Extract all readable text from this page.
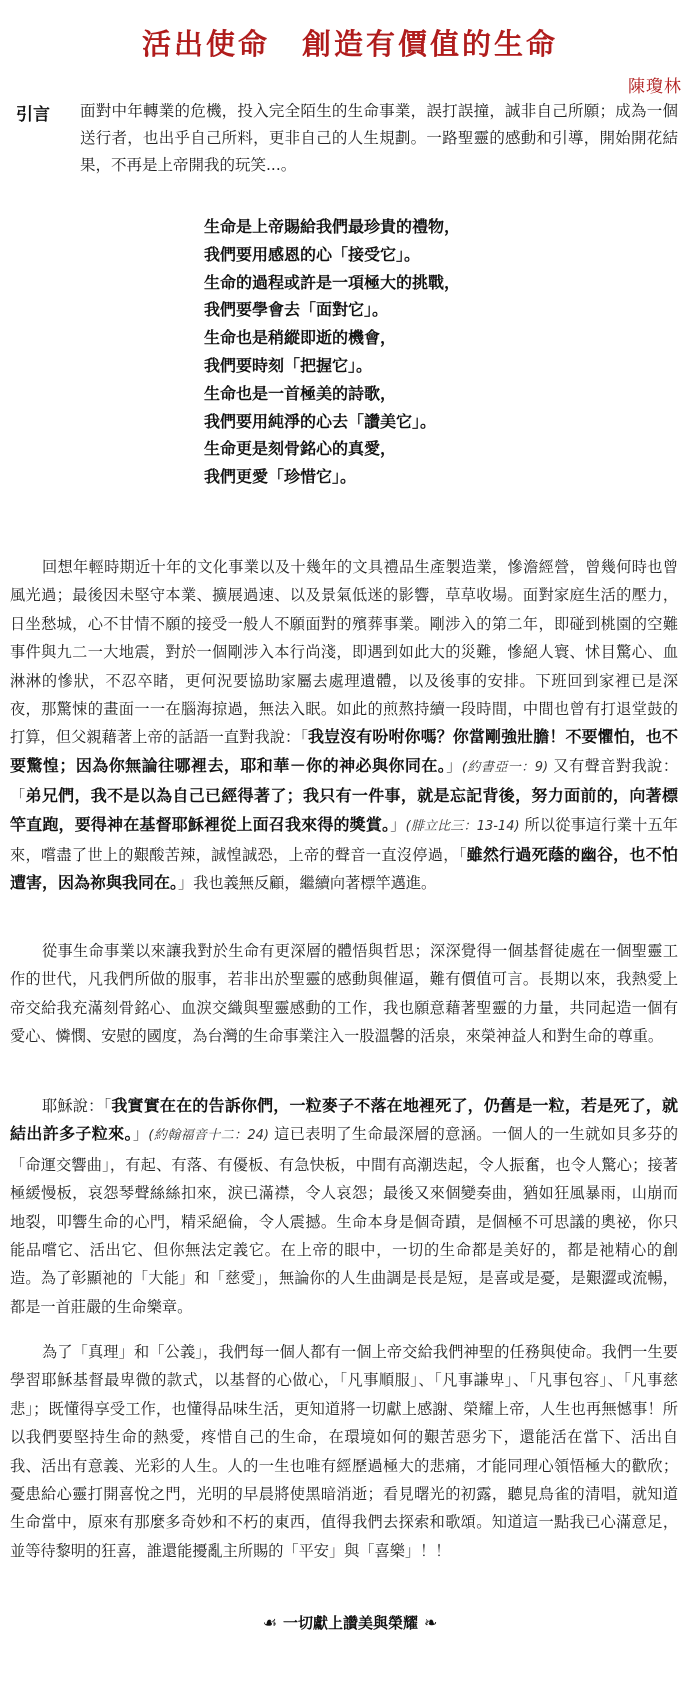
活出使命　創造有價值的生命
陳瓊林
引言 面對中年轉業的危機，投入完全陌生的生命事業，誤打誤撞，誠非自己所願；成為一個送行者，也出乎自己所料，更非自己的人生規劃。一路聖靈的感動和引導，開始開花結果，不再是上帝開我的玩笑...。

生命是上帝賜給我們最珍貴的禮物，
我們要用感恩的心「接受它」。
生命的過程或許是一項極大的挑戰，
我們要學會去「面對它」。
生命也是稍縱即逝的機會，
我們要時刻「把握它」。
生命也是一首極美的詩歌，
我們要用純淨的心去「讚美它」。
生命更是刻骨銘心的真愛，
我們更愛「珍惜它」。

回想年輕時期近十年的文化事業以及十幾年的文具禮品生產製造業，慘澹經營，曾幾何時也曾風光過；最後因未堅守本業、擴展過速、以及景氣低迷的影響，草草收場。面對家庭生活的壓力，日坐愁城，心不甘情不願的接受一般人不願面對的殯葬事業。剛涉入的第二年，即碰到桃園的空難事件與九二一大地震，對於一個剛涉入本行尚淺，即遇到如此大的災難，慘絕人寰、怵目驚心、血淋淋的慘狀，不忍卒睹，更何況要協助家屬去處理遺體，以及後事的安排。下班回到家裡已是深夜，那驚悚的畫面一一在腦海掠過，無法入眠。如此的煎熬持續一段時間，中間也曾有打退堂鼓的打算，但父親藉著上帝的話語一直對我說：「我豈沒有吩咐你嗎？你當剛強壯膽！不要懼怕，也不要驚惶；因為你無論往哪裡去，耶和華－你的神必與你同在。」(約書亞一：9) 又有聲音對我說：「弟兄們，我不是以為自己已經得著了；我只有一件事，就是忘記背後，努力面前的，向著標竿直跑，要得神在基督耶穌裡從上面召我來得的獎賞。」(腓立比三：13-14) 所以從事這行業十五年來，嚐盡了世上的艱酸苦辣，誠惶誠恐，上帝的聲音一直沒停過，「雖然行過死蔭的幽谷，也不怕遭害，因為祢與我同在。」我也義無反顧，繼續向著標竿邁進。

從事生命事業以來讓我對於生命有更深層的體悟與哲思；深深覺得一個基督徒處在一個聖靈工作的世代，凡我們所做的服事，若非出於聖靈的感動與催逼，難有價值可言。長期以來，我熱愛上帝交給我充滿刻骨銘心、血淚交織與聖靈感動的工作，我也願意藉著聖靈的力量，共同起造一個有愛心、憐憫、安慰的國度，為台灣的生命事業注入一股溫馨的活泉，來榮神益人和對生命的尊重。

耶穌說：「我實實在在的告訴你們，一粒麥子不落在地裡死了，仍舊是一粒，若是死了，就結出許多子粒來。」(約翰福音十二：24) 這已表明了生命最深層的意涵。一個人的一生就如貝多芬的「命運交響曲」，有起、有落、有優板、有急快板，中間有高潮迭起，令人振奮，也令人驚心；接著極緩慢板，哀怨琴聲絲絲扣來，淚已滿襟，令人哀怨；最後又來個變奏曲，猶如狂風暴雨，山崩而地裂，叩響生命的心門，精采絕倫，令人震撼。生命本身是個奇蹟，是個極不可思議的奧祕，你只能品嚐它、活出它、但你無法定義它。在上帝的眼中，一切的生命都是美好的，都是祂精心的創造。為了彰顯祂的「大能」和「慈愛」，無論你的人生曲調是長是短，是喜或是憂，是艱澀或流暢，都是一首莊嚴的生命樂章。

為了「真理」和「公義」，我們每一個人都有一個上帝交給我們神聖的任務與使命。我們一生要學習耶穌基督最卑微的款式，以基督的心做心，「凡事順服」、「凡事謙卑」、「凡事包容」、「凡事慈悲」；既懂得享受工作，也懂得品味生活，更知道將一切獻上感謝、榮耀上帝，人生也再無憾事！所以我們要堅持生命的熱愛，疼惜自己的生命，在環境如何的艱苦惡劣下，還能活在當下、活出自我、活出有意義、光彩的人生。人的一生也唯有經歷過極大的悲痛，才能同理心領悟極大的歡欣；憂患給心靈打開喜悅之門，光明的早晨將使黑暗消逝；看見曙光的初露，聽見鳥雀的清唱，就知道生命當中，原來有那麼多奇妙和不朽的東西，值得我們去探索和歌頌。知道這一點我已心滿意足，並等待黎明的狂喜，誰還能擾亂主所賜的「平安」與「喜樂」！！

☙ 一切獻上讚美與榮耀 ❧
